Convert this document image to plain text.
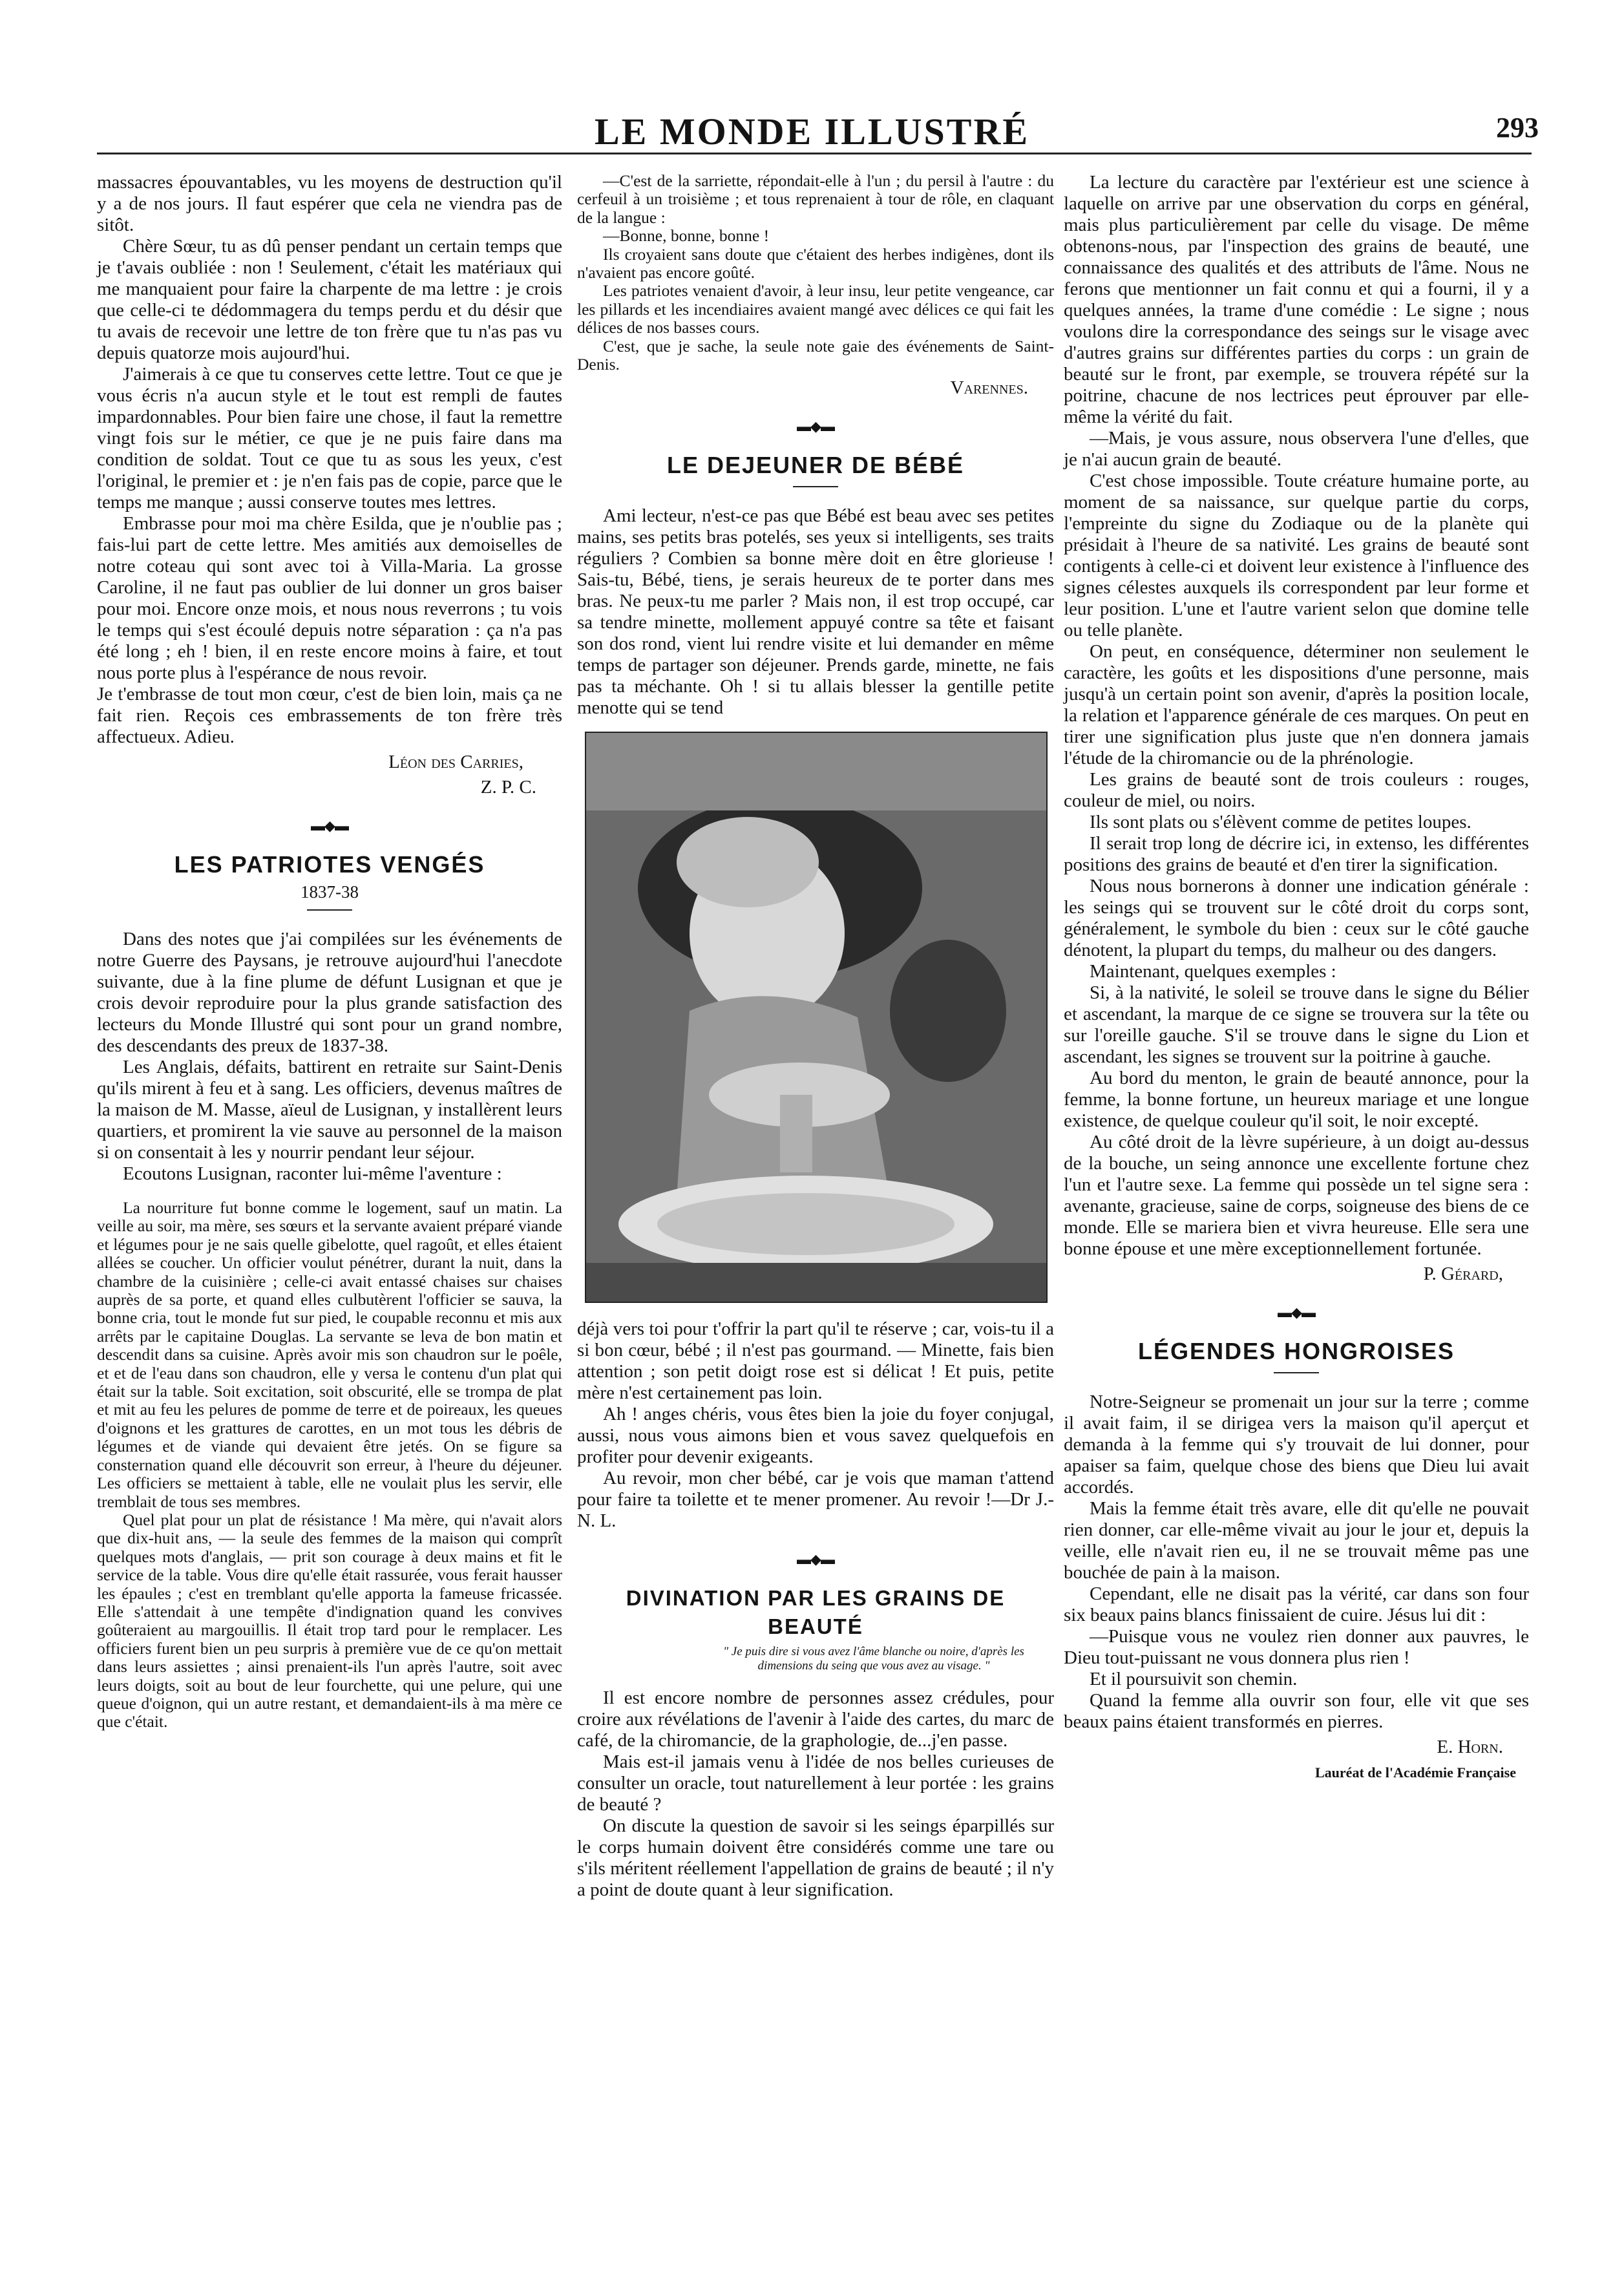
LE MONDE ILLUSTRÉ	293

massacres épouvantables, vu les moyens de destruction qu'il y a de nos jours. Il faut espérer que cela ne viendra pas de sitôt.

Chère Sœur, tu as dû penser pendant un certain temps que je t'avais oubliée : non ! Seulement, c'était les matériaux qui me manquaient pour faire la charpente de ma lettre : je crois que celle-ci te dédommagera du temps perdu et du désir que tu avais de recevoir une lettre de ton frère que tu n'as pas vu depuis quatorze mois aujourd'hui.

J'aimerais à ce que tu conserves cette lettre. Tout ce que je vous écris n'a aucun style et le tout est rempli de fautes impardonnables. Pour bien faire une chose, il faut la remettre vingt fois sur le métier, ce que je ne puis faire dans ma condition de soldat. Tout ce que tu as sous les yeux, c'est l'original, le premier et : je n'en fais pas de copie, parce que le temps me manque ; aussi conserve toutes mes lettres.

Embrasse pour moi ma chère Esilda, que je n'oublie pas ; fais-lui part de cette lettre. Mes amitiés aux demoiselles de notre coteau qui sont avec toi à Villa-Maria. La grosse Caroline, il ne faut pas oublier de lui donner un gros baiser pour moi. Encore onze mois, et nous nous reverrons ; tu vois le temps qui s'est écoulé depuis notre séparation : ça n'a pas été long ; eh ! bien, il en reste encore moins à faire, et tout nous porte plus à l'espérance de nous revoir.

Je t'embrasse de tout mon cœur, c'est de bien loin, mais ça ne fait rien. Reçois ces embrassements de ton frère très affectueux. Adieu.

Léon des Carries,
Z. P. C.
▬◆▬
LES PATRIOTES VENGÉS
1837-38

Dans des notes que j'ai compilées sur les événements de notre Guerre des Paysans, je retrouve aujourd'hui l'anecdote suivante, due à la fine plume de défunt Lusignan et que je crois devoir reproduire pour la plus grande satisfaction des lecteurs du Monde Illustré qui sont pour un grand nombre, des descendants des preux de 1837-38.

Les Anglais, défaits, battirent en retraite sur Saint-Denis qu'ils mirent à feu et à sang. Les officiers, devenus maîtres de la maison de M. Masse, aïeul de Lusignan, y installèrent leurs quartiers, et promirent la vie sauve au personnel de la maison si on consentait à les y nourrir pendant leur séjour.

Ecoutons Lusignan, raconter lui-même l'aventure :

La nourriture fut bonne comme le logement, sauf un matin. La veille au soir, ma mère, ses sœurs et la servante avaient préparé viande et légumes pour je ne sais quelle gibelotte, quel ragoût, et elles étaient allées se coucher. Un officier voulut pénétrer, durant la nuit, dans la chambre de la cuisinière ; celle-ci avait entassé chaises sur chaises auprès de sa porte, et quand elles culbutèrent l'officier se sauva, la bonne cria, tout le monde fut sur pied, le coupable reconnu et mis aux arrêts par le capitaine Douglas. La servante se leva de bon matin et descendit dans sa cuisine. Après avoir mis son chaudron sur le poêle, et et de l'eau dans son chaudron, elle y versa le contenu d'un plat qui était sur la table. Soit excitation, soit obscurité, elle se trompa de plat et mit au feu les pelures de pomme de terre et de poireaux, les queues d'oignons et les grattures de carottes, en un mot tous les débris de légumes et de viande qui devaient être jetés. On se figure sa consternation quand elle découvrit son erreur, à l'heure du déjeuner. Les officiers se mettaient à table, elle ne voulait plus les servir, elle tremblait de tous ses membres.

Quel plat pour un plat de résistance ! Ma mère, qui n'avait alors que dix-huit ans, — la seule des femmes de la maison qui comprît quelques mots d'anglais, — prit son courage à deux mains et fit le service de la table. Vous dire qu'elle était rassurée, vous ferait hausser les épaules ; c'est en tremblant qu'elle apporta la fameuse fricassée. Elle s'attendait à une tempête d'indignation quand les convives goûteraient au margouillis. Il était trop tard pour le remplacer. Les officiers furent bien un peu surpris à première vue de ce qu'on mettait dans leurs assiettes ; ainsi prenaient-ils l'un après l'autre, soit avec leurs doigts, soit au bout de leur fourchette, qui une pelure, qui une queue d'oignon, qui un autre restant, et demandaient-ils à ma mère ce que c'était.

—C'est de la sarriette, répondait-elle à l'un ; du persil à l'autre : du cerfeuil à un troisième ; et tous reprenaient à tour de rôle, en claquant de la langue :

—Bonne, bonne, bonne !

Ils croyaient sans doute que c'étaient des herbes indigènes, dont ils n'avaient pas encore goûté.

Les patriotes venaient d'avoir, à leur insu, leur petite vengeance, car les pillards et les incendiaires avaient mangé avec délices ce qui fait les délices de nos basses cours.

C'est, que je sache, la seule note gaie des événements de Saint-Denis.

Varennes.
▬◆▬
LE DEJEUNER DE BÉBÉ

Ami lecteur, n'est-ce pas que Bébé est beau avec ses petites mains, ses petits bras potelés, ses yeux si intelligents, ses traits réguliers ? Combien sa bonne mère doit en être glorieuse ! Sais-tu, Bébé, tiens, je serais heureux de te porter dans mes bras. Ne peux-tu me parler ? Mais non, il est trop occupé, car sa tendre minette, mollement appuyé contre sa tête et faisant son dos rond, vient lui rendre visite et lui demander en même temps de partager son déjeuner. Prends garde, minette, ne fais pas ta méchante. Oh ! si tu allais blesser la gentille petite menotte qui se tend

déjà vers toi pour t'offrir la part qu'il te réserve ; car, vois-tu il a si bon cœur, bébé ; il n'est pas gourmand. — Minette, fais bien attention ; son petit doigt rose est si délicat ! Et puis, petite mère n'est certainement pas loin.

Ah ! anges chéris, vous êtes bien la joie du foyer conjugal, aussi, nous vous aimons bien et vous savez quelquefois en profiter pour devenir exigeants.

Au revoir, mon cher bébé, car je vois que maman t'attend pour faire ta toilette et te mener promener. Au revoir !—Dr J.-N. L.

▬◆▬
DIVINATION PAR LES GRAINS DE BEAUTÉ
" Je puis dire si vous avez l'âme blanche ou noire, d'après les dimensions du seing que vous avez au visage. "

Il est encore nombre de personnes assez crédules, pour croire aux révélations de l'avenir à l'aide des cartes, du marc de café, de la chiromancie, de la graphologie, de...j'en passe.

Mais est-il jamais venu à l'idée de nos belles curieuses de consulter un oracle, tout naturellement à leur portée : les grains de beauté ?

On discute la question de savoir si les seings éparpillés sur le corps humain doivent être considérés comme une tare ou s'ils méritent réellement l'appellation de grains de beauté ; il n'y a point de doute quant à leur signification.

La lecture du caractère par l'extérieur est une science à laquelle on arrive par une observation du corps en général, mais plus particulièrement par celle du visage. De même obtenons-nous, par l'inspection des grains de beauté, une connaissance des qualités et des attributs de l'âme. Nous ne ferons que mentionner un fait connu et qui a fourni, il y a quelques années, la trame d'une comédie : Le signe ; nous voulons dire la correspondance des seings sur le visage avec d'autres grains sur différentes parties du corps : un grain de beauté sur le front, par exemple, se trouvera répété sur la poitrine, chacune de nos lectrices peut éprouver par elle-même la vérité du fait.

—Mais, je vous assure, nous observera l'une d'elles, que je n'ai aucun grain de beauté.

C'est chose impossible. Toute créature humaine porte, au moment de sa naissance, sur quelque partie du corps, l'empreinte du signe du Zodiaque ou de la planète qui présidait à l'heure de sa nativité. Les grains de beauté sont contigents à celle-ci et doivent leur existence à l'influence des signes célestes auxquels ils correspondent par leur forme et leur position. L'une et l'autre varient selon que domine telle ou telle planète.

On peut, en conséquence, déterminer non seulement le caractère, les goûts et les dispositions d'une personne, mais jusqu'à un certain point son avenir, d'après la position locale, la relation et l'apparence générale de ces marques. On peut en tirer une signification plus juste que n'en donnera jamais l'étude de la chiromancie ou de la phrénologie.

Les grains de beauté sont de trois couleurs : rouges, couleur de miel, ou noirs.

Ils sont plats ou s'élèvent comme de petites loupes.

Il serait trop long de décrire ici, in extenso, les différentes positions des grains de beauté et d'en tirer la signification.

Nous nous bornerons à donner une indication générale : les seings qui se trouvent sur le côté droit du corps sont, généralement, le symbole du bien : ceux sur le côté gauche dénotent, la plupart du temps, du malheur ou des dangers.

Maintenant, quelques exemples :

Si, à la nativité, le soleil se trouve dans le signe du Bélier et ascendant, la marque de ce signe se trouvera sur la tête ou sur l'oreille gauche. S'il se trouve dans le signe du Lion et ascendant, les signes se trouvent sur la poitrine à gauche.

Au bord du menton, le grain de beauté annonce, pour la femme, la bonne fortune, un heureux mariage et une longue existence, de quelque couleur qu'il soit, le noir excepté.

Au côté droit de la lèvre supérieure, à un doigt au-dessus de la bouche, un seing annonce une excellente fortune chez l'un et l'autre sexe. La femme qui possède un tel signe sera : avenante, gracieuse, saine de corps, soigneuse des biens de ce monde. Elle se mariera bien et vivra heureuse. Elle sera une bonne épouse et une mère exceptionnellement fortunée.

P. Gérard,
▬◆▬
LÉGENDES HONGROISES

Notre-Seigneur se promenait un jour sur la terre ; comme il avait faim, il se dirigea vers la maison qu'il aperçut et demanda à la femme qui s'y trouvait de lui donner, pour apaiser sa faim, quelque chose des biens que Dieu lui avait accordés.

Mais la femme était très avare, elle dit qu'elle ne pouvait rien donner, car elle-même vivait au jour le jour et, depuis la veille, elle n'avait rien eu, il ne se trouvait même pas une bouchée de pain à la maison.

Cependant, elle ne disait pas la vérité, car dans son four six beaux pains blancs finissaient de cuire. Jésus lui dit :

—Puisque vous ne voulez rien donner aux pauvres, le Dieu tout-puissant ne vous donnera plus rien !

Et il poursuivit son chemin.

Quand la femme alla ouvrir son four, elle vit que ses beaux pains étaient transformés en pierres.

E. Horn.
Lauréat de l'Académie Française
